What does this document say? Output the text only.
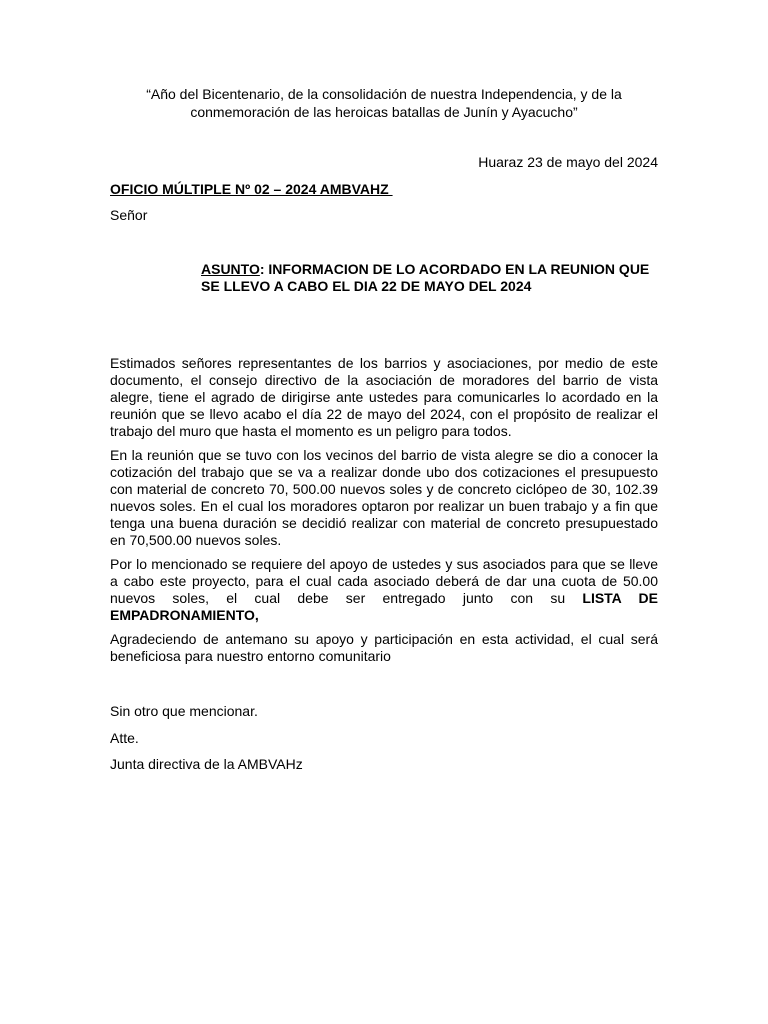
“Año del Bicentenario, de la consolidación de nuestra Independencia, y de la conmemoración de las heroicas batallas de Junín y Ayacucho”
Huaraz 23 de mayo del 2024
OFICIO MÚLTIPLE Nº 02 – 2024 AMBVAHZ
Señor
ASUNTO: INFORMACION DE LO ACORDADO EN LA REUNION QUE SE LLEVO A CABO EL DIA 22 DE MAYO DEL 2024

Estimados señores representantes de los barrios y asociaciones, por medio de este documento, el consejo directivo de la asociación de moradores del barrio de vista alegre, tiene el agrado de dirigirse ante ustedes para comunicarles lo acordado en la reunión que se llevo acabo el día 22 de mayo del 2024, con el propósito de realizar el trabajo del muro que hasta el momento es un peligro para todos.

En la reunión que se tuvo con los vecinos del barrio de vista alegre se dio a conocer la cotización del trabajo que se va a realizar donde ubo dos cotizaciones el presupuesto con material de concreto 70, 500.00 nuevos soles y de concreto ciclópeo de 30, 102.39 nuevos soles. En el cual los moradores optaron por realizar un buen trabajo y a fin que tenga una buena duración se decidió realizar con material de concreto presupuestado en 70,500.00 nuevos soles.

Por lo mencionado se requiere del apoyo de ustedes y sus asociados para que se lleve a cabo este proyecto, para el cual cada asociado deberá de dar una cuota de 50.00 nuevos soles, el cual debe ser entregado junto con su LISTA DE EMPADRONAMIENTO,

Agradeciendo de antemano su apoyo y participación en esta actividad, el cual será beneficiosa para nuestro entorno comunitario

Sin otro que mencionar.
Atte.
Junta directiva de la AMBVAHz
